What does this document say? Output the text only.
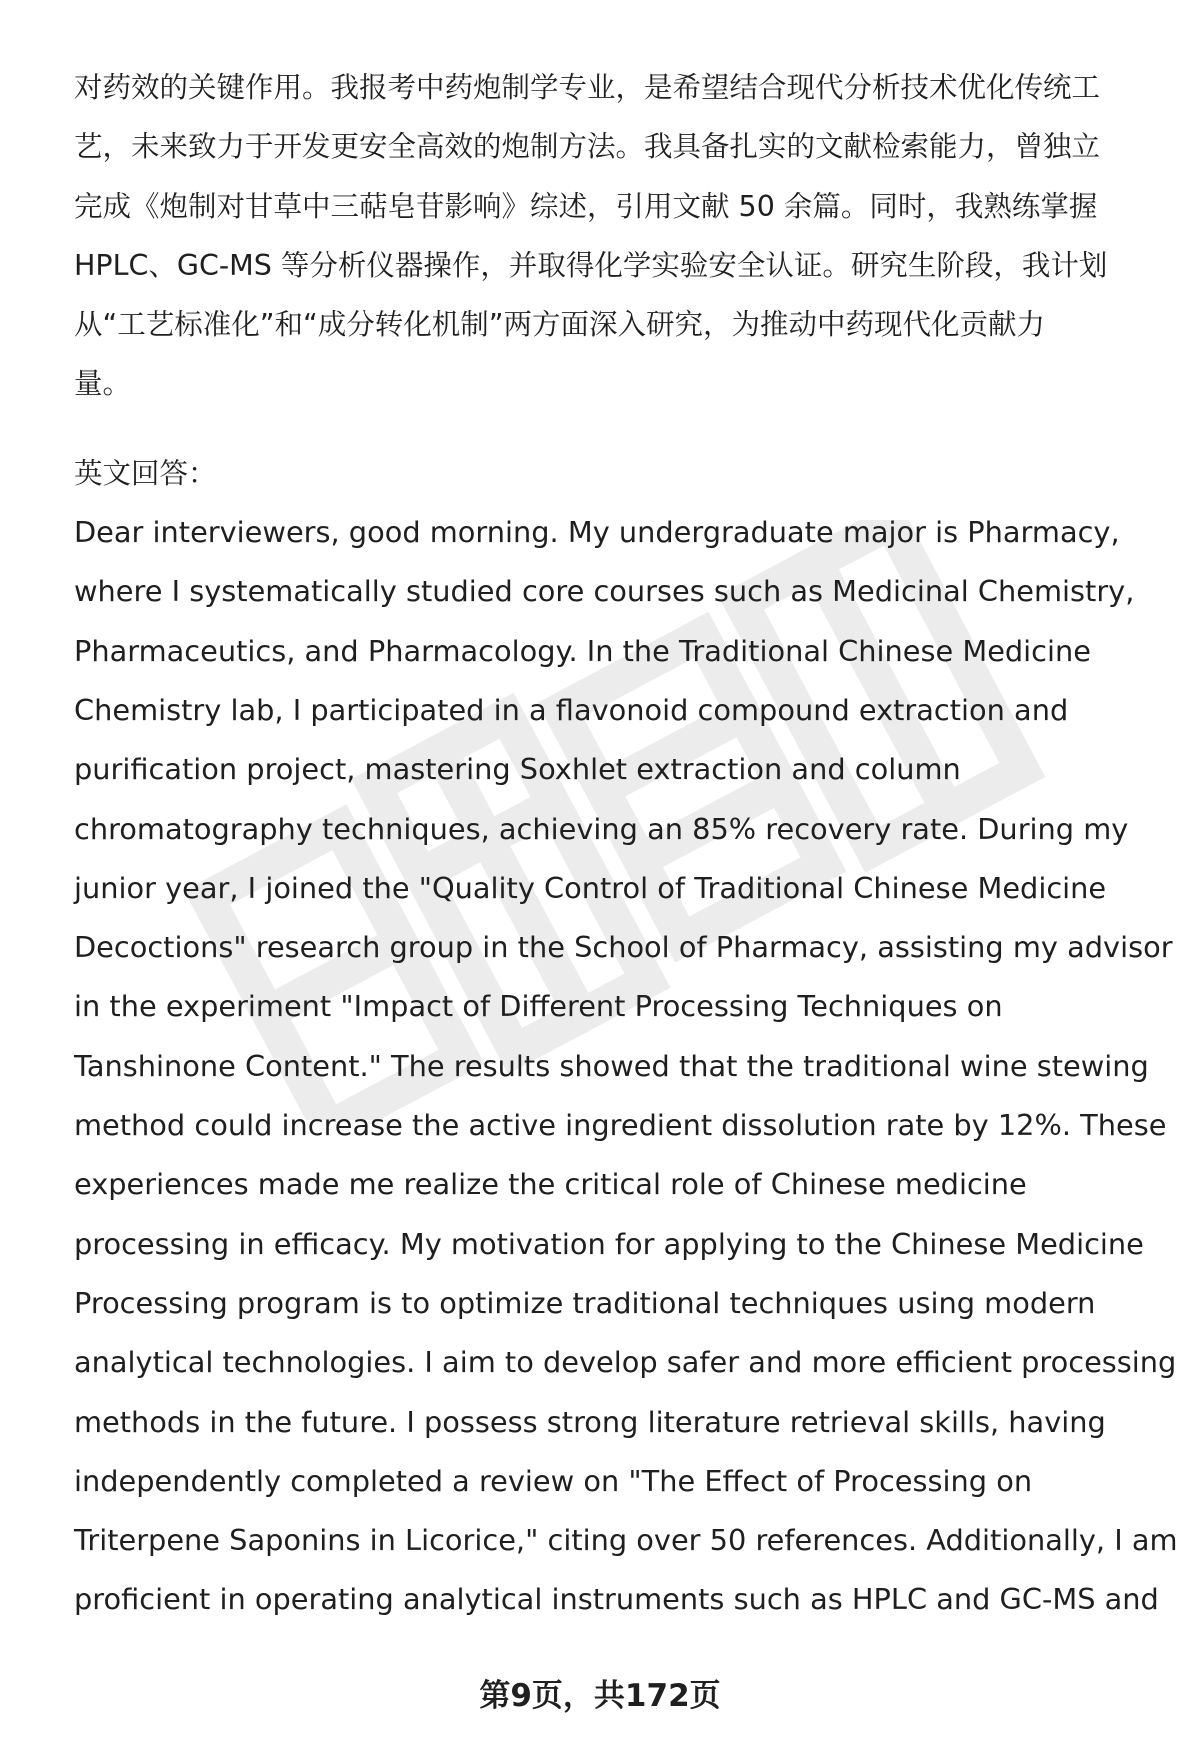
对药效的关键作用。我报考中药炮制学专业，是希望结合现代分析技术优化传统工
艺，未来致力于开发更安全高效的炮制方法。我具备扎实的文献检索能力，曾独立
完成《炮制对甘草中三萜皂苷影响》综述，引用文献 50 余篇。同时，我熟练掌握
HPLC、GC-MS 等分析仪器操作，并取得化学实验安全认证。研究生阶段，我计划
从“工艺标准化”和“成分转化机制”两方面深入研究，为推动中药现代化贡献力
量。
英文回答：
Dear interviewers, good morning. My undergraduate major is Pharmacy,
where I systematically studied core courses such as Medicinal Chemistry,
Pharmaceutics, and Pharmacology. In the Traditional Chinese Medicine
Chemistry lab, I participated in a flavonoid compound extraction and
purification project, mastering Soxhlet extraction and column
chromatography techniques, achieving an 85% recovery rate. During my
junior year, I joined the "Quality Control of Traditional Chinese Medicine
Decoctions" research group in the School of Pharmacy, assisting my advisor
in the experiment "Impact of Different Processing Techniques on
Tanshinone Content." The results showed that the traditional wine stewing
method could increase the active ingredient dissolution rate by 12%. These
experiences made me realize the critical role of Chinese medicine
processing in efficacy. My motivation for applying to the Chinese Medicine
Processing program is to optimize traditional techniques using modern
analytical technologies. I aim to develop safer and more efficient processing
methods in the future. I possess strong literature retrieval skills, having
independently completed a review on "The Effect of Processing on
Triterpene Saponins in Licorice," citing over 50 references. Additionally, I am
proficient in operating analytical instruments such as HPLC and GC-MS and
第9页，共172页
